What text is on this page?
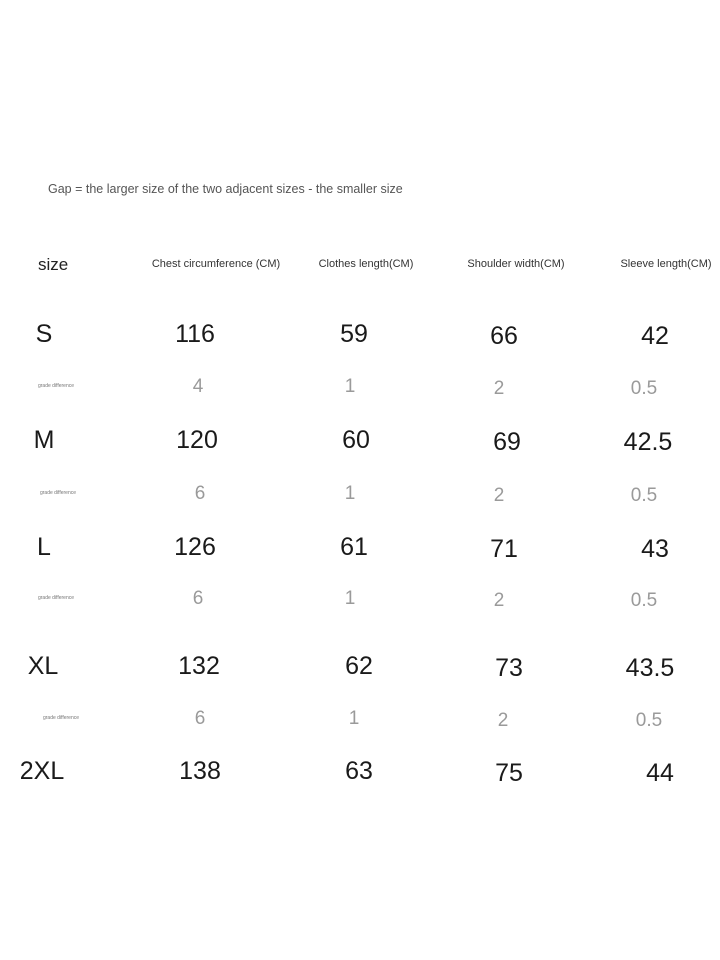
Gap = the larger size of the two adjacent sizes - the smaller size
size	Chest circumference (CM)	Clothes length(CM)	Shoulder width(CM)	Sleeve length(CM)
S	116	59	66	42
grade difference	4	1	2	0.5
M	120	60	69	42.5
grade difference	6	1	2	0.5
L	126	61	71	43
grade difference	6	1	2	0.5
XL	132	62	73	43.5
grade difference	6	1	2	0.5
2XL	138	63	75	44
